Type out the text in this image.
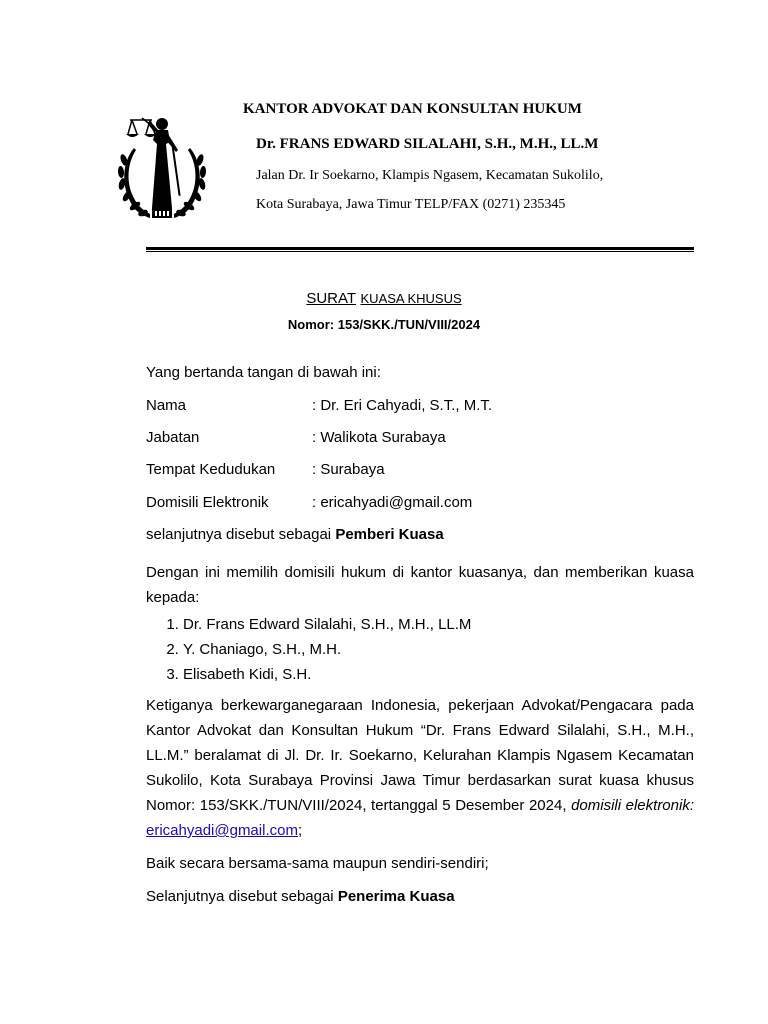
KANTOR ADVOKAT DAN KONSULTAN HUKUM
Dr. FRANS EDWARD SILALAHI, S.H., M.H., LL.M
Jalan Dr. Ir Soekarno, Klampis Ngasem, Kecamatan Sukolilo,
Kota Surabaya, Jawa Timur TELP/FAX (0271) 235345
SURAT KUASA KHUSUS
Nomor: 153/SKK./TUN/VIII/2024
Yang bertanda tangan di bawah ini:
Nama	: Dr. Eri Cahyadi, S.T., M.T.
Jabatan	: Walikota Surabaya
Tempat Kedudukan : Surabaya
Domisili Elektronik	: ericahyadi@gmail.com
selanjutnya disebut sebagai Pemberi Kuasa
Dengan ini memilih domisili hukum di kantor kuasanya, dan memberikan kuasa kepada:
1. Dr. Frans Edward Silalahi, S.H., M.H., LL.M
2. Y. Chaniago, S.H., M.H.
3. Elisabeth Kidi, S.H.
Ketiganya berkewarganegaraan Indonesia, pekerjaan Advokat/Pengacara pada Kantor Advokat dan Konsultan Hukum “Dr. Frans Edward Silalahi, S.H., M.H., LL.M.” beralamat di Jl. Dr. Ir. Soekarno, Kelurahan Klampis Ngasem Kecamatan Sukolilo, Kota Surabaya Provinsi Jawa Timur berdasarkan surat kuasa khusus Nomor: 153/SKK./TUN/VIII/2024, tertanggal 5 Desember 2024, domisili elektronik: ericahyadi@gmail.com;
Baik secara bersama-sama maupun sendiri-sendiri;
Selanjutnya disebut sebagai Penerima Kuasa
